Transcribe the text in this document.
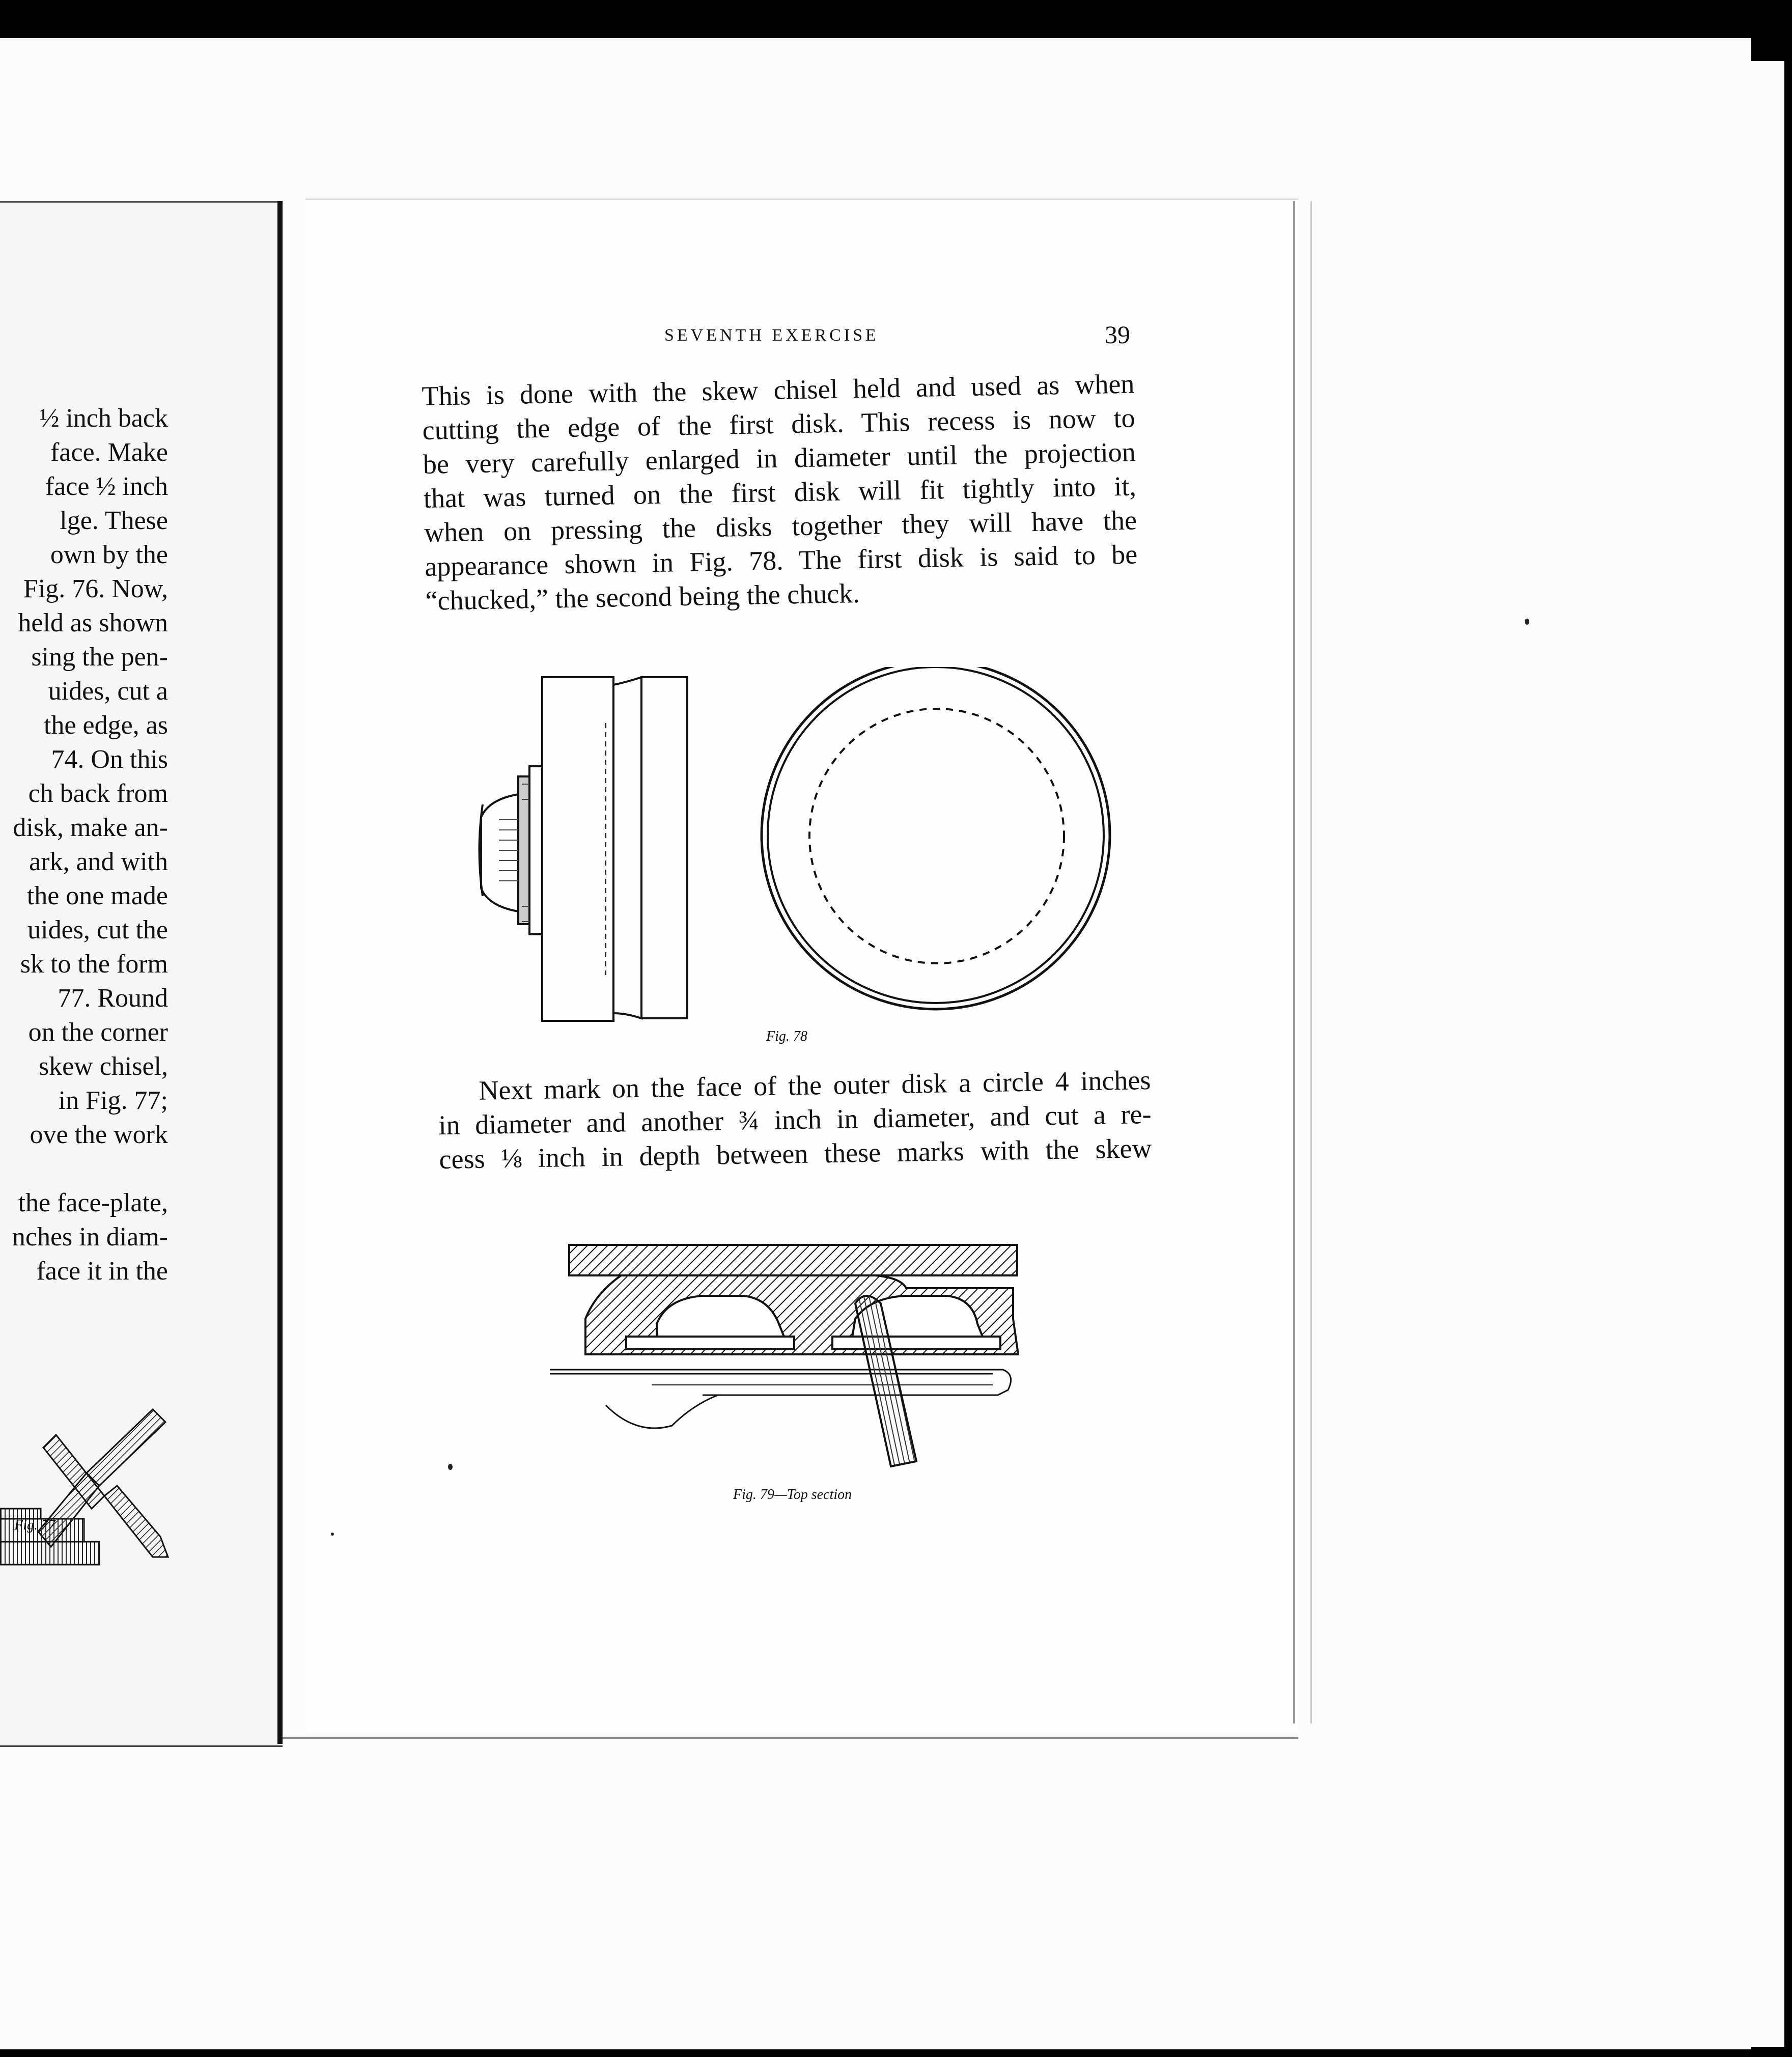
½ inch back
face. Make
face ½ inch
lge. These
own by the
Fig. 76. Now,
held as shown
sing the pen-
uides, cut a
the edge, as
74. On this
ch back from
disk, make an-
ark, and with
the one made
uides, cut the
sk to the form
77. Round
on the corner
skew chisel,
in Fig. 77;
ove the work
the face-plate,
nches in diam-
face it in the
Fig. 77
SEVENTH EXERCISE	39
This is done with the skew chisel held and used as when
cutting the edge of the first disk. This recess is now to
be very carefully enlarged in diameter until the projection
that was turned on the first disk will fit tightly into it,
when on pressing the disks together they will have the
appearance shown in Fig. 78. The first disk is said to be
“chucked,” the second being the chuck.
Fig. 78
Next mark on the face of the outer disk a circle 4 inches
in diameter and another ¾ inch in diameter, and cut a re-
cess ⅛ inch in depth between these marks with the skew
Fig. 79—Top section
